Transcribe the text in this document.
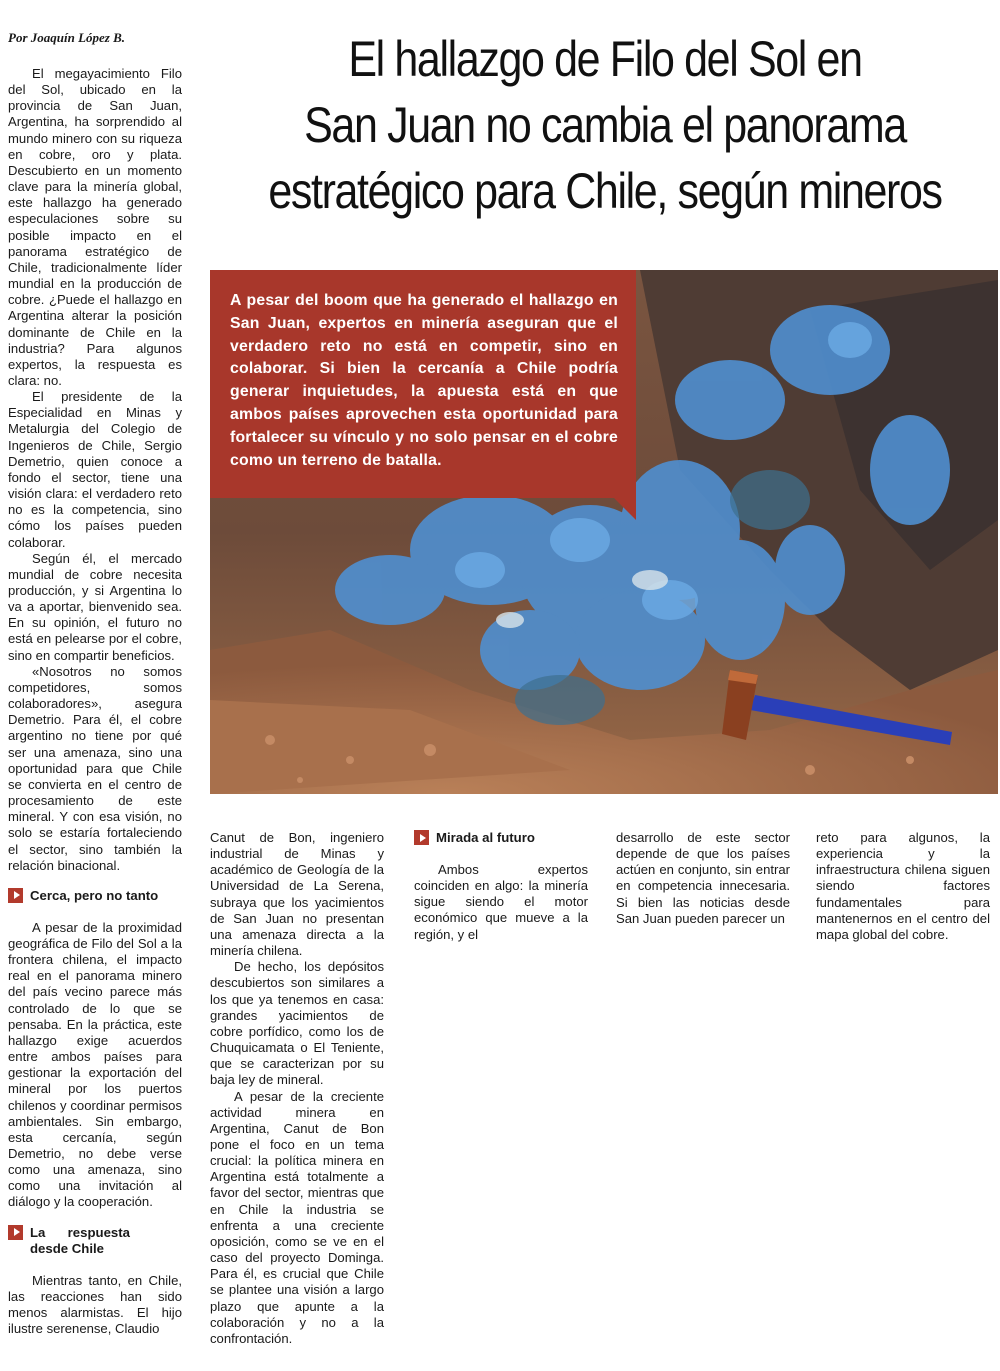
Por Joaquín López B.	El hallazgo de Filo del Sol en
San Juan no cambia el panorama
estratégico para Chile, según mineros

El megayacimiento Filo del Sol, ubicado en la provincia de San Juan, Argentina, ha sorprendido al mundo minero con su riqueza en cobre, oro y plata. Descubierto en un momento clave para la minería global, este hallazgo ha generado especulaciones sobre su posible impacto en el panorama estratégico de Chile, tradicionalmente líder mundial en la producción de cobre. ¿Puede el hallazgo en Argentina alterar la posición dominante de Chile en la industria? Para algunos expertos, la respuesta es clara: no.

El presidente de la Especialidad en Minas y Metalurgia del Colegio de Ingenieros de Chile, Sergio Demetrio, quien conoce a fondo el sector, tiene una visión clara: el verdadero reto no es la competencia, sino cómo los países pueden colaborar.

Según él, el mercado mundial de cobre necesita producción, y si Argentina lo va a aportar, bienvenido sea. En su opinión, el futuro no está en pelearse por el cobre, sino en compartir beneficios.

«Nosotros no somos competidores, somos colaboradores», asegura Demetrio. Para él, el cobre argentino no tiene por qué ser una amenaza, sino una oportunidad para que Chile se convierta en el centro de procesamiento de este mineral. Y con esa visión, no solo se estaría fortaleciendo el sector, sino también la relación binacional.

Cerca, pero no tanto

A pesar de la proximidad geográfica de Filo del Sol a la frontera chilena, el impacto real en el panorama minero del país vecino parece más controlado de lo que se pensaba. En la práctica, este hallazgo exige acuerdos entre ambos países para gestionar la exportación del mineral por los puertos chilenos y coordinar permisos ambientales. Sin embargo, esta cercanía, según Demetrio, no debe verse como una amenaza, sino como una invitación al diálogo y la cooperación.

La respuesta desde Chile

Mientras tanto, en Chile, las reacciones han sido menos alarmistas. El hijo ilustre serenense, Claudio

A pesar del boom que ha generado el hallazgo en San Juan, expertos en minería aseguran que el verdadero reto no está en competir, sino en colaborar. Si bien la cercanía a Chile podría generar inquietudes, la apuesta está en que ambos países aprovechen esta oportunidad para fortalecer su vínculo y no solo pensar en el cobre como un terreno de batalla.

Canut de Bon, ingeniero industrial de Minas y académico de Geología de la Universidad de La Serena, subraya que los yacimientos de San Juan no presentan una amenaza directa a la minería chilena.

De hecho, los depósitos descubiertos son similares a los que ya tenemos en casa: grandes yacimientos de cobre porfídico, como los de Chuquicamata o El Teniente, que se caracterizan por su baja ley de mineral.

A pesar de la creciente actividad minera en Argentina, Canut de Bon pone el foco en un tema crucial: la política minera en Argentina está totalmente a favor del sector, mientras que en Chile la industria se enfrenta a una creciente oposición, como se ve en el caso del proyecto Dominga. Para él, es crucial que Chile se plantee una visión a largo plazo que apunte a la colaboración y no a la confrontación.

Mirada al futuro

Ambos expertos coinciden en algo: la minería sigue siendo el motor económico que mueve a la región, y el

desarrollo de este sector depende de que los países actúen en conjunto, sin entrar en competencia innecesaria. Si bien las noticias desde San Juan pueden parecer un

reto para algunos, la experiencia y la infraestructura chilena siguen siendo factores fundamentales para mantenernos en el centro del mapa global del cobre.
